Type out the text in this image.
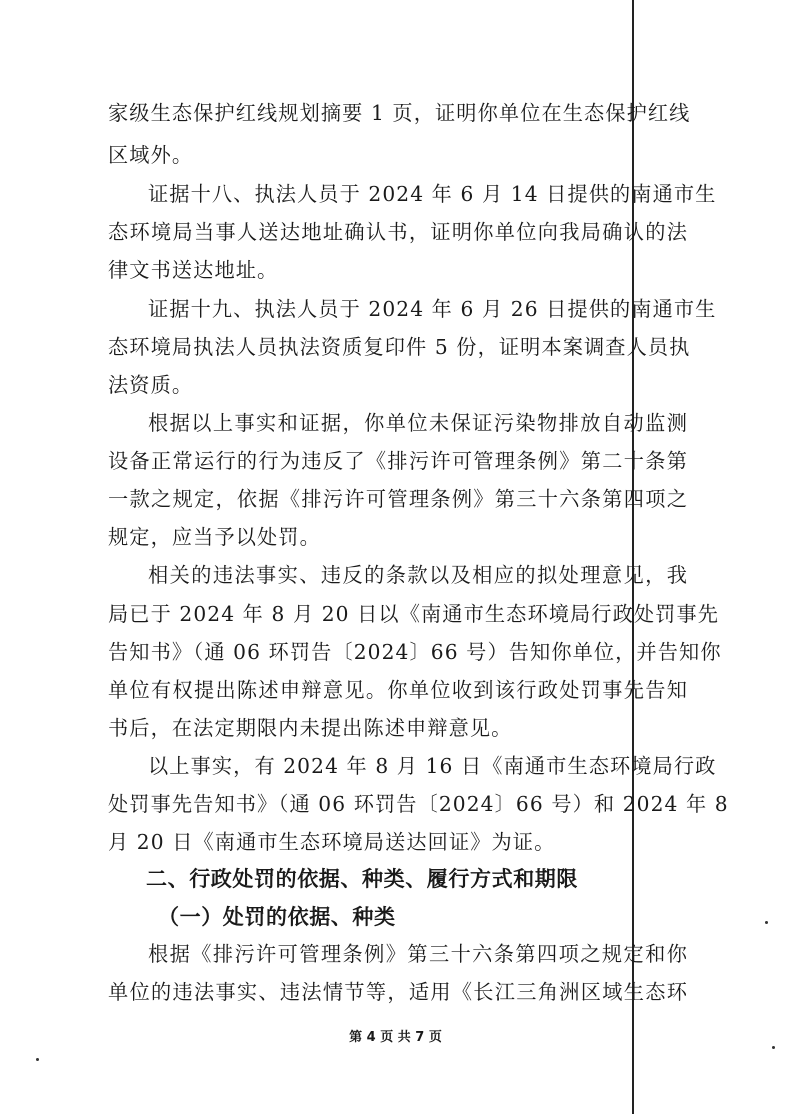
家级生态保护红线规划摘要 1 页，证明你单位在生态保护红线
区域外。
证据十八、执法人员于 2024 年 6 月 14 日提供的南通市生
态环境局当事人送达地址确认书，证明你单位向我局确认的法
律文书送达地址。
证据十九、执法人员于 2024 年 6 月 26 日提供的南通市生
态环境局执法人员执法资质复印件 5 份，证明本案调查人员执
法资质。
根据以上事实和证据，你单位未保证污染物排放自动监测
设备正常运行的行为违反了《排污许可管理条例》第二十条第
一款之规定，依据《排污许可管理条例》第三十六条第四项之
规定，应当予以处罚。
相关的违法事实、违反的条款以及相应的拟处理意见，我
局已于 2024 年 8 月 20 日以《南通市生态环境局行政处罚事先
告知书》（通 06 环罚告〔2024〕66 号）告知你单位，并告知你
单位有权提出陈述申辩意见。你单位收到该行政处罚事先告知
书后，在法定期限内未提出陈述申辩意见。
以上事实，有 2024 年 8 月 16 日《南通市生态环境局行政
处罚事先告知书》（通 06 环罚告〔2024〕66 号）和 2024 年 8
月 20 日《南通市生态环境局送达回证》为证。
二、行政处罚的依据、种类、履行方式和期限
（一）处罚的依据、种类
根据《排污许可管理条例》第三十六条第四项之规定和你
单位的违法事实、违法情节等，适用《长江三角洲区域生态环
第 4 页 共 7 页
